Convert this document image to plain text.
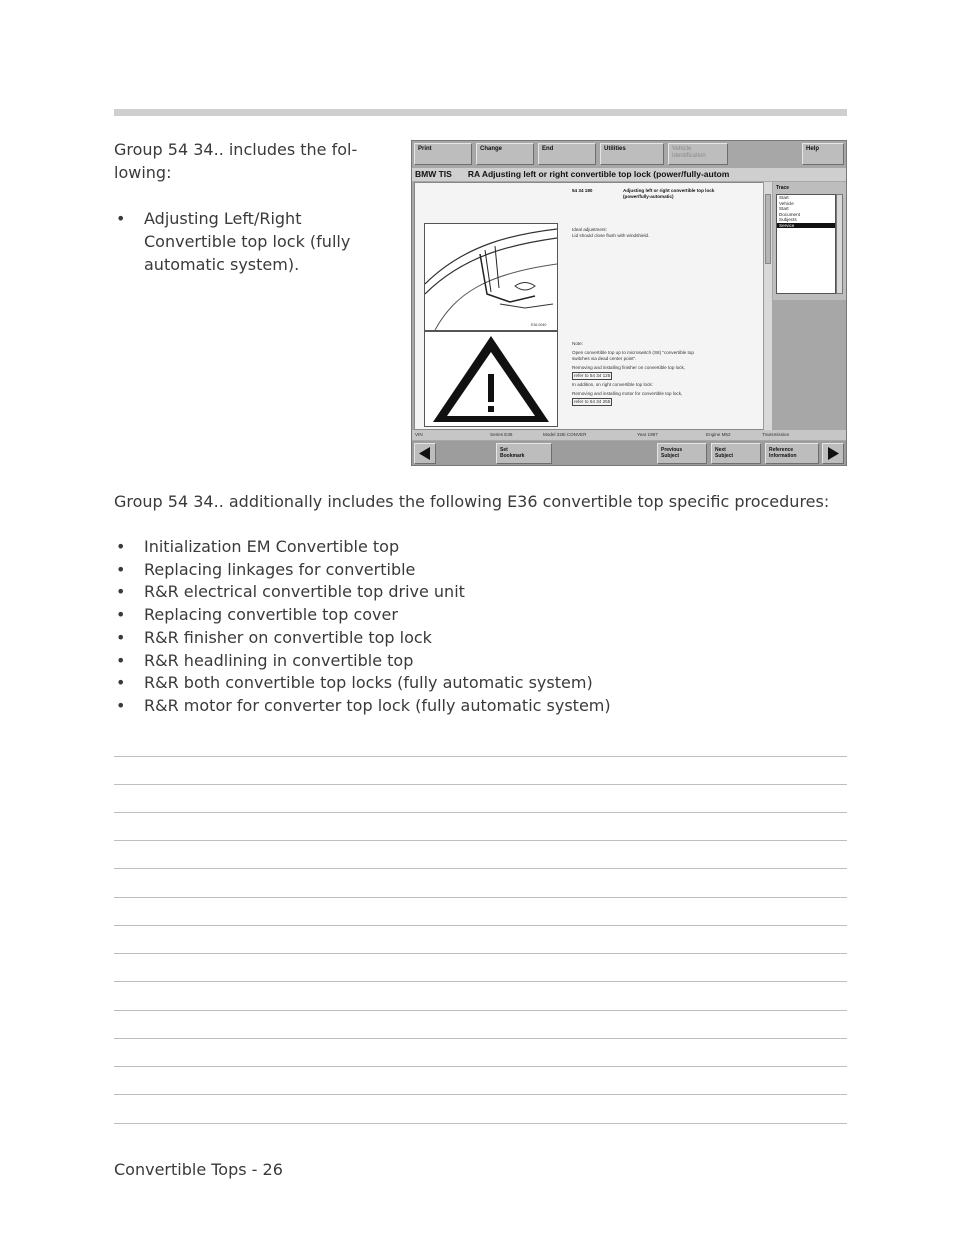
Group 54 34.. includes the fol-

lowing:

• Adjusting Left/Right
Convertible top lock (fully
automatic system).
Print	Change	End	Utilities	Vehicle
Identification
Help
BMW TIS RA Adjusting left or right convertible top lock (power/fully-autom
54 34 180	Adjusting left or right convertible top lock
(power/fully-automatic)
Ideal adjustment:
Lid should close flush with windshield.
E36 0040
Note:
Open convertible top up to microswitch (S8) "convertible top
switches via dead center point".
Removing and installing finisher on convertible top lock,
refer to 54 34 125
In addition, on right convertible top lock:
Removing and installing motor for convertible top lock,
refer to 54 34 255
Trace
Start
Vehicle
Start
Document
Subjects
Service
VIN	Series E36	Model 328i CONVER	Year 1997	Engine M52	Transmission
Set
Bookmark
Previous
Subject
Next
Subject
Reference
Information

Group 54 34.. additionally includes the following E36 convertible top specific procedures:

• Initialization EM Convertible top
• Replacing linkages for convertible
• R&R electrical convertible top drive unit
• Replacing convertible top cover
• R&R finisher on convertible top lock
• R&R headlining in convertible top
• R&R both convertible top locks (fully automatic system)
• R&R motor for converter top lock (fully automatic system)
Convertible Tops - 26
